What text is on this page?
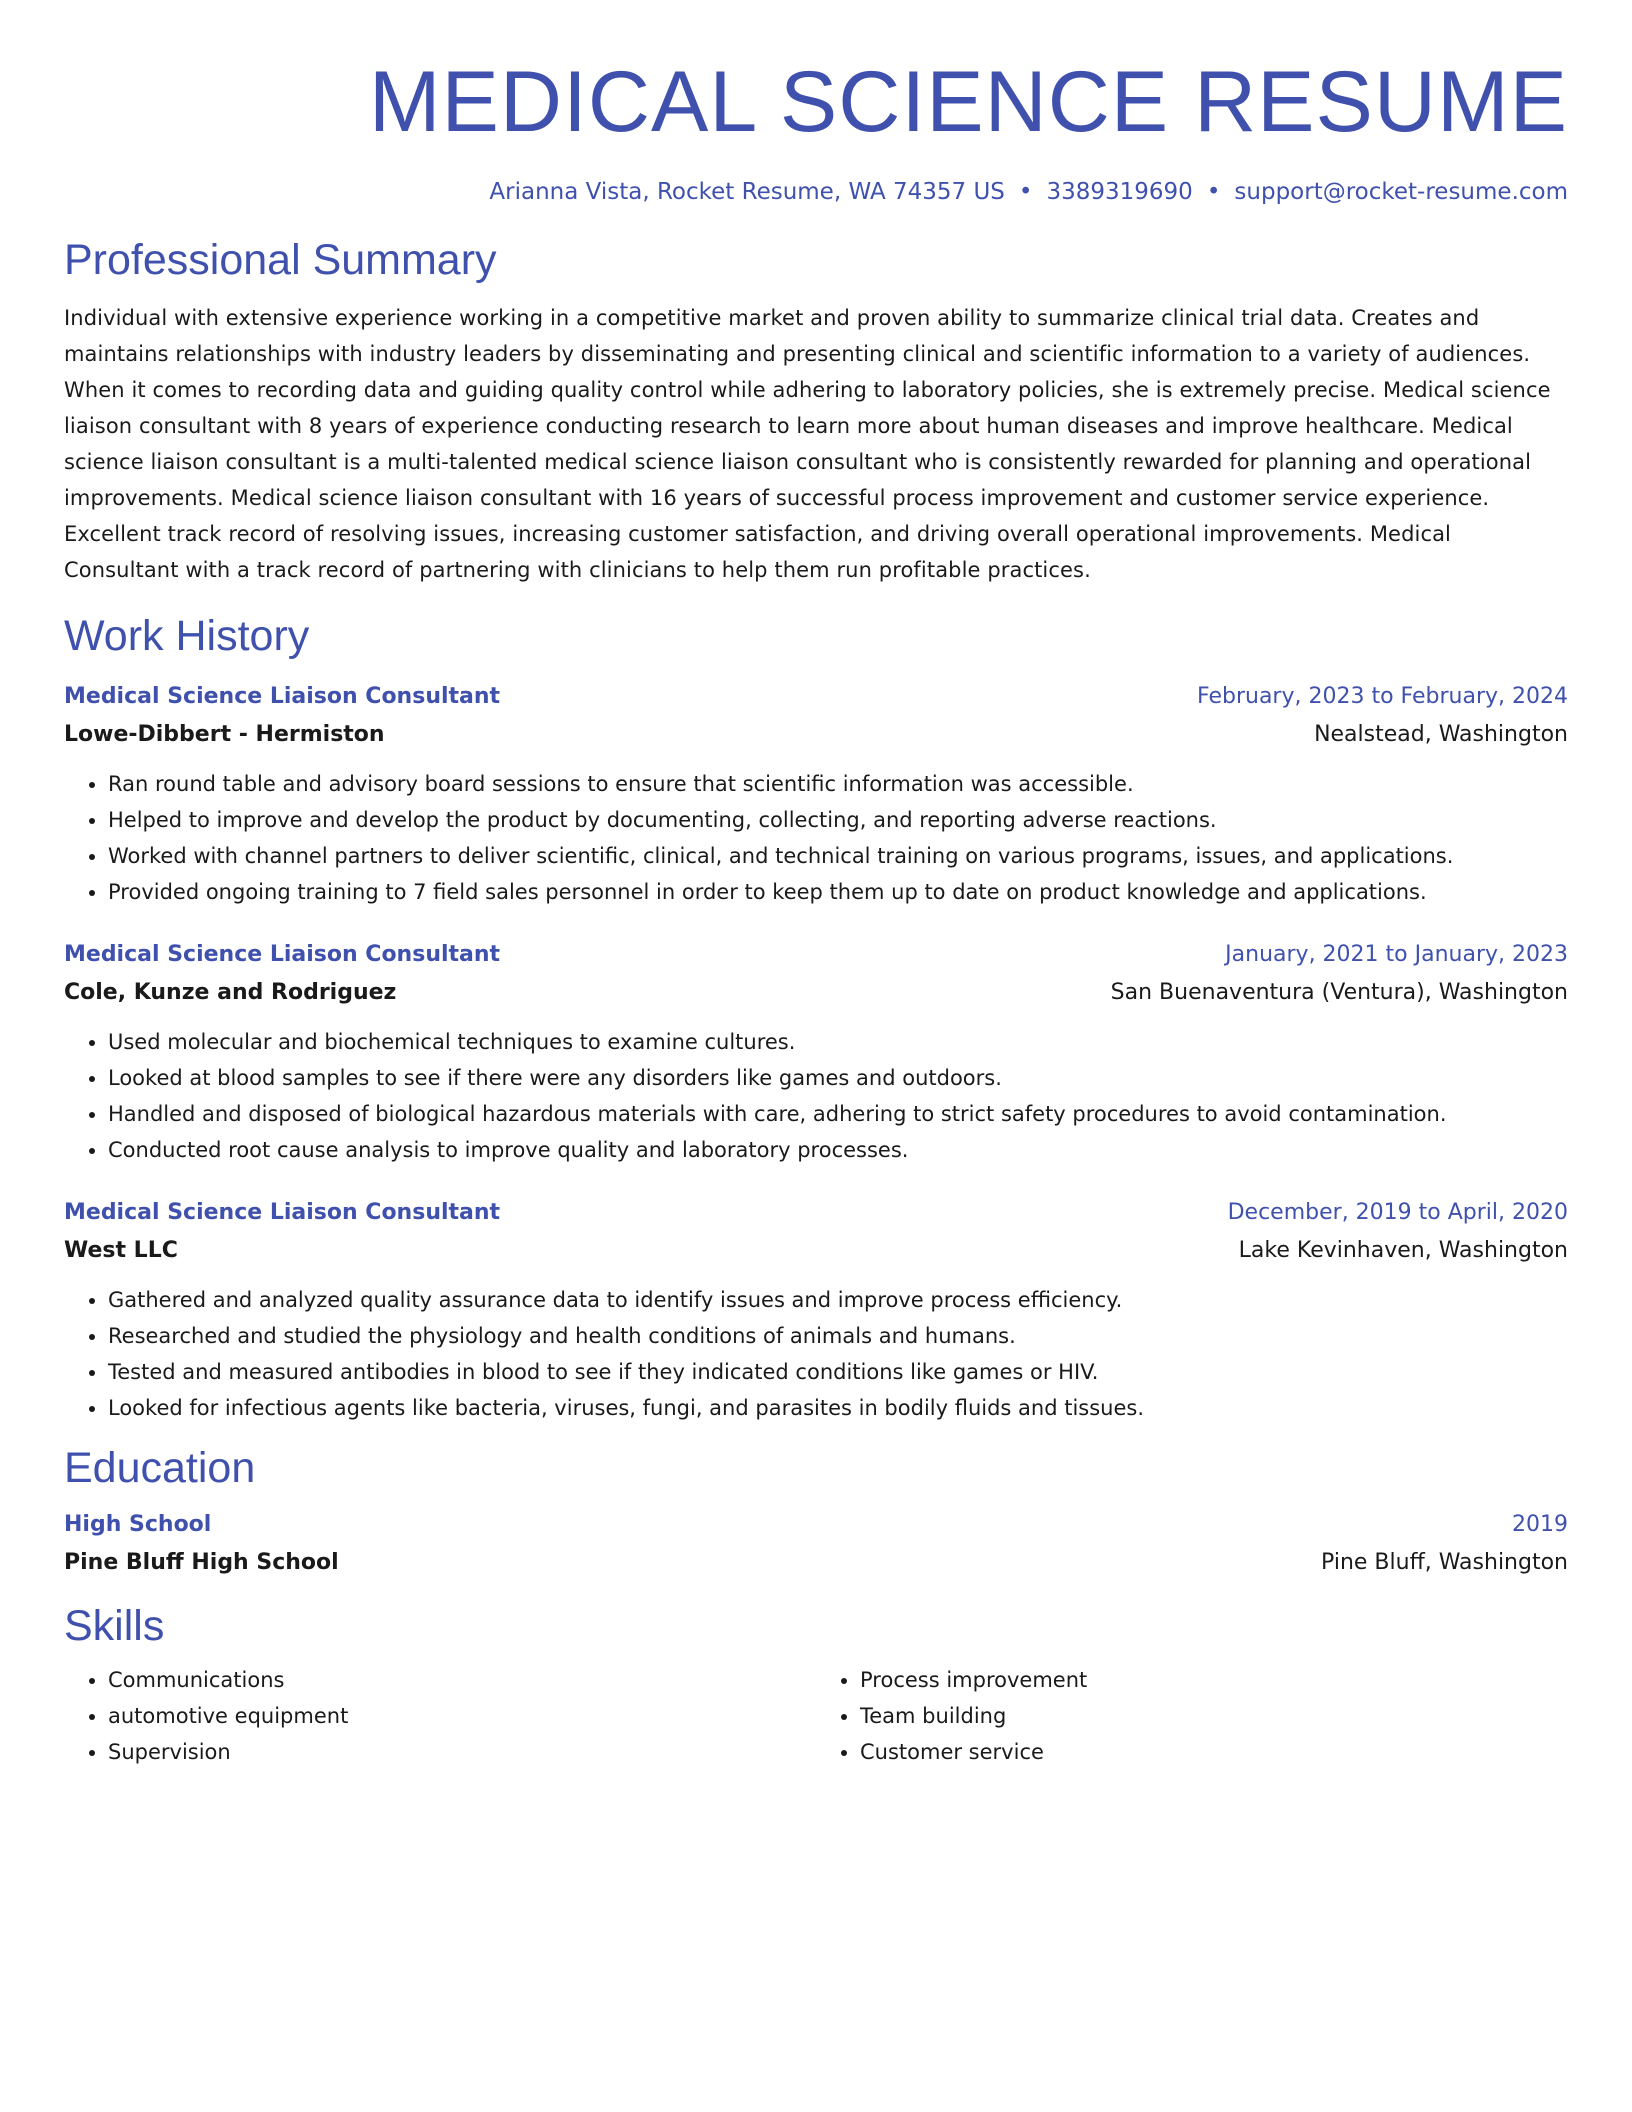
MEDICAL SCIENCE RESUME
Arianna Vista, Rocket Resume, WA 74357 US • 3389319690 • support@rocket-resume.com
Professional Summary

Individual with extensive experience working in a competitive market and proven ability to summarize clinical trial data. Creates and maintains relationships with industry leaders by disseminating and presenting clinical and scientific information to a variety of audiences. When it comes to recording data and guiding quality control while adhering to laboratory policies, she is extremely precise. Medical science liaison consultant with 8 years of experience conducting research to learn more about human diseases and improve healthcare. Medical science liaison consultant is a multi-talented medical science liaison consultant who is consistently rewarded for planning and operational improvements. Medical science liaison consultant with 16 years of successful process improvement and customer service experience. Excellent track record of resolving issues, increasing customer satisfaction, and driving overall operational improvements. Medical Consultant with a track record of partnering with clinicians to help them run profitable practices.

Work History
Medical Science Liaison Consultant	February, 2023 to February, 2024
Lowe-Dibbert - Hermiston	Nealstead, Washington
• Ran round table and advisory board sessions to ensure that scientific information was accessible.
• Helped to improve and develop the product by documenting, collecting, and reporting adverse reactions.
• Worked with channel partners to deliver scientific, clinical, and technical training on various programs, issues, and applications.
• Provided ongoing training to 7 field sales personnel in order to keep them up to date on product knowledge and applications.
Medical Science Liaison Consultant	January, 2021 to January, 2023
Cole, Kunze and Rodriguez	San Buenaventura (Ventura), Washington
• Used molecular and biochemical techniques to examine cultures.
• Looked at blood samples to see if there were any disorders like games and outdoors.
• Handled and disposed of biological hazardous materials with care, adhering to strict safety procedures to avoid contamination.
• Conducted root cause analysis to improve quality and laboratory processes.
Medical Science Liaison Consultant	December, 2019 to April, 2020
West LLC	Lake Kevinhaven, Washington
• Gathered and analyzed quality assurance data to identify issues and improve process efficiency.
• Researched and studied the physiology and health conditions of animals and humans.
• Tested and measured antibodies in blood to see if they indicated conditions like games or HIV.
• Looked for infectious agents like bacteria, viruses, fungi, and parasites in bodily fluids and tissues.
Education
High School	2019
Pine Bluff High School	Pine Bluff, Washington
Skills
• Communications
• automotive equipment
• Supervision
• Process improvement
• Team building
• Customer service
